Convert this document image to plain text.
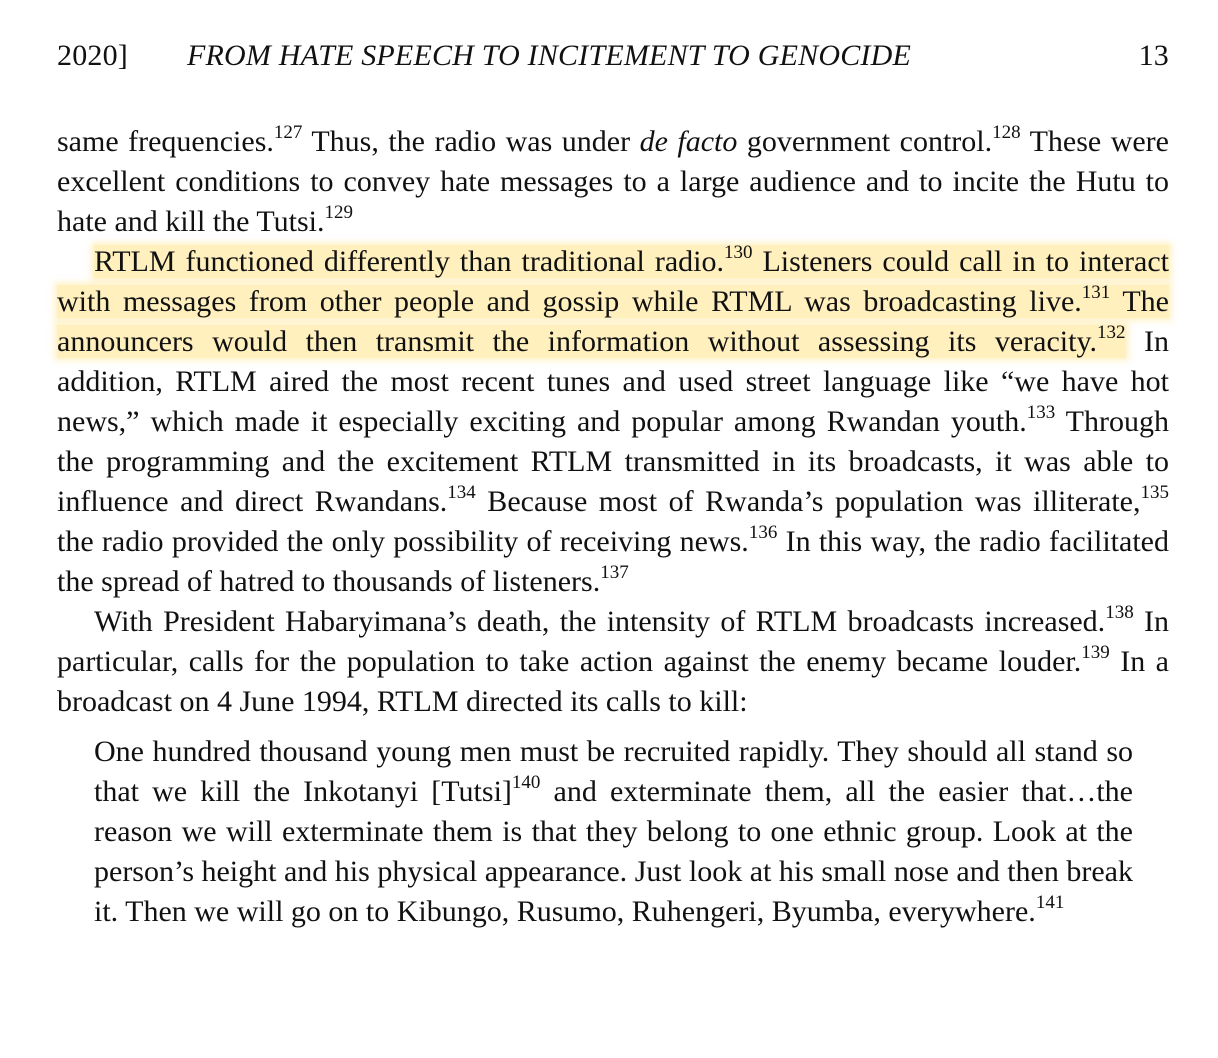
2020] FROM HATE SPEECH TO INCITEMENT TO GENOCIDE	13

same frequencies.$^{127}$ Thus, the radio was under de facto government control.$^{128}$ These were excellent conditions to convey hate messages to a large audience and to incite the Hutu to hate and kill the Tutsi.$^{129}$

RTLM functioned differently than traditional radio.$^{130}$ Listeners could call in to interact with messages from other people and gossip while RTML was broadcasting live.$^{131}$ The announcers would then transmit the information without assessing its veracity.$^{132}$ In addition, RTLM aired the most recent tunes and used street language like “we have hot news,” which made it especially exciting and popular among Rwandan youth.$^{133}$ Through the programming and the excitement RTLM transmitted in its broadcasts, it was able to influence and direct Rwandans.$^{134}$ Because most of Rwanda’s population was illiterate,$^{135}$ the radio provided the only possibility of receiving news.$^{136}$ In this way, the radio facilitated the spread of hatred to thousands of listeners.$^{137}$

With President Habaryimana’s death, the intensity of RTLM broadcasts increased.$^{138}$ In particular, calls for the population to take action against the enemy became louder.$^{139}$ In a broadcast on 4 June 1994, RTLM directed its calls to kill:

One hundred thousand young men must be recruited rapidly. They should all stand so that we kill the Inkotanyi [Tutsi]$^{140}$ and exterminate them, all the easier that…the reason we will exterminate them is that they belong to one ethnic group. Look at the person’s height and his physical appearance. Just look at his small nose and then break it. Then we will go on to Kibungo, Rusumo, Ruhengeri, Byumba, everywhere.$^{141}$
